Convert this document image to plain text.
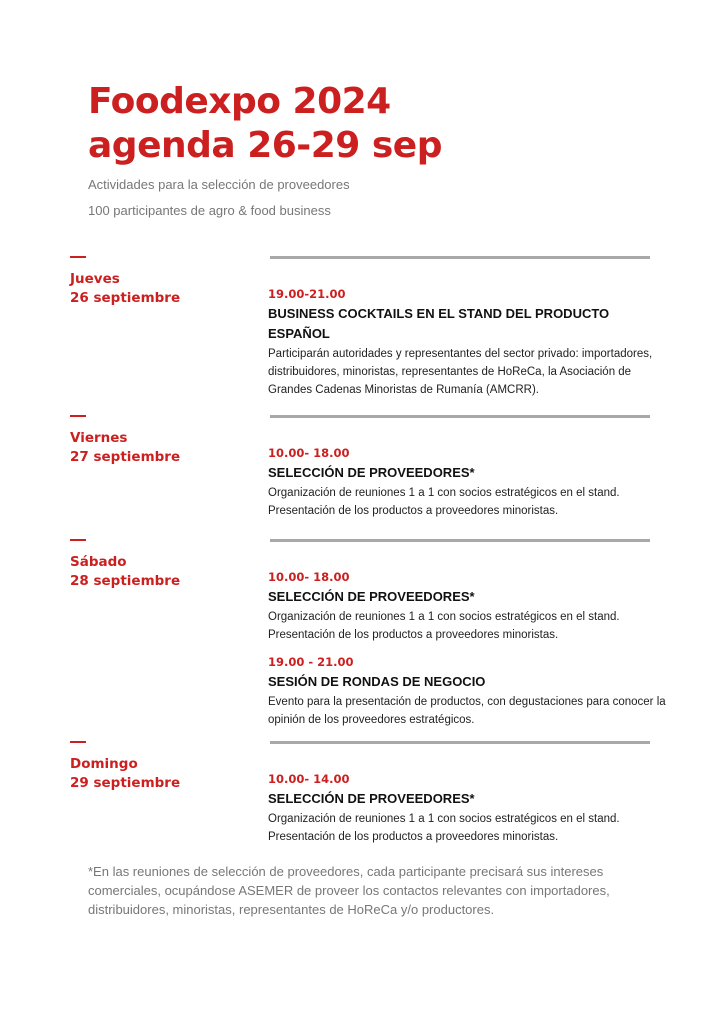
Foodexpo 2024
agenda 26-29 sep

Actividades para la selección de proveedores

100 participantes de agro & food business

Jueves
26 septiembre	19.00-21.00
BUSINESS COCKTAILS EN EL STAND DEL PRODUCTO ESPAÑOL
Participarán autoridades y representantes del sector privado: importadores, distribuidores, minoristas, representantes de HoReCa, la Asociación de Grandes Cadenas Minoristas de Rumanía (AMCRR).
Viernes
27 septiembre	10.00- 18.00
SELECCIÓN DE PROVEEDORES*
Organización de reuniones 1 a 1 con socios estratégicos en el stand. Presentación de los productos a proveedores minoristas.
Sábado
28 septiembre	10.00- 18.00
SELECCIÓN DE PROVEEDORES*
Organización de reuniones 1 a 1 con socios estratégicos en el stand. Presentación de los productos a proveedores minoristas.
19.00 - 21.00
SESIÓN DE RONDAS DE NEGOCIO
Evento para la presentación de productos, con degustaciones para conocer la opinión de los proveedores estratégicos.
Domingo
29 septiembre	10.00- 14.00
SELECCIÓN DE PROVEEDORES*
Organización de reuniones 1 a 1 con socios estratégicos en el stand. Presentación de los productos a proveedores minoristas.

*En las reuniones de selección de proveedores, cada participante precisará sus intereses comerciales, ocupándose ASEMER de proveer los contactos relevantes con importadores, distribuidores, minoristas, representantes de HoReCa y/o productores.
